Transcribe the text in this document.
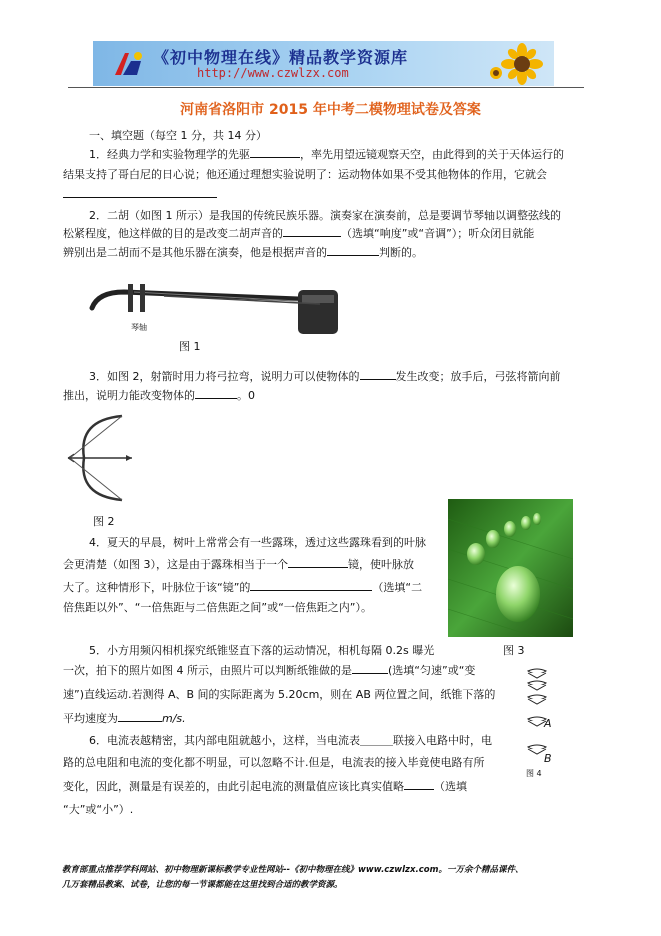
《初中物理在线》精品教学资源库
http://www.czwlzx.com
河南省洛阳市 2015 年中考二模物理试卷及答案
一、填空题（每空 1 分，共 14 分）
1．经典力学和实验物理学的先驱	，率先用望远镜观察天空，由此得到的关于天体运行的
结果支持了哥白尼的日心说；他还通过理想实验说明了：运动物体如果不受其他物体的作用，它就会
2．二胡（如图 1 所示）是我国的传统民族乐器。演奏家在演奏前，总是要调节琴轴以调整弦线的
松紧程度，他这样做的目的是改变二胡声音的	（选填“响度”或“音调”）；听众闭目就能
辨别出是二胡而不是其他乐器在演奏，他是根据声音的	判断的。
琴轴
图 1
3．如图 2，射箭时用力将弓拉弯，说明力可以使物体的	发生改变；放手后，弓弦将箭向前
推出，说明力能改变物体的	。0
图 2
4．夏天的早晨，树叶上常常会有一些露珠，透过这些露珠看到的叶脉
会更清楚（如图 3），这是由于露珠相当于一个	镜，使叶脉放
大了。这种情形下，叶脉位于该“镜”的	（选填“二
倍焦距以外”、“一倍焦距与二倍焦距之间”或“一倍焦距之内”）。
图 3
5．小方用频闪相机探究纸锥竖直下落的运动情况，相机每隔 0.2s 曝光
一次，拍下的照片如图 4 所示，由照片可以判断纸锥做的是	(选填“匀速”或“变
速”)直线运动.若测得 A、B 间的实际距离为 5.20cm，则在 AB 两位置之间，纸锥下落的
平均速度为	m/s.	A
B
图 4
6．电流表越精密，其内部电阻就越小，这样，当电流表＿＿＿联接入电路中时，电
路的总电阻和电流的变化都不明显，可以忽略不计.但是，电流表的接入毕竟使电路有所
变化，因此，测量是有误差的，由此引起电流的测量值应该比真实值略	（选填
“大”或“小”）.
教育部重点推荐学科网站、初中物理新课标教学专业性网站--《初中物理在线》www.czwlzx.com。一万余个精品课件、
几万套精品教案、试卷，让您的每一节课都能在这里找到合适的教学资源。
